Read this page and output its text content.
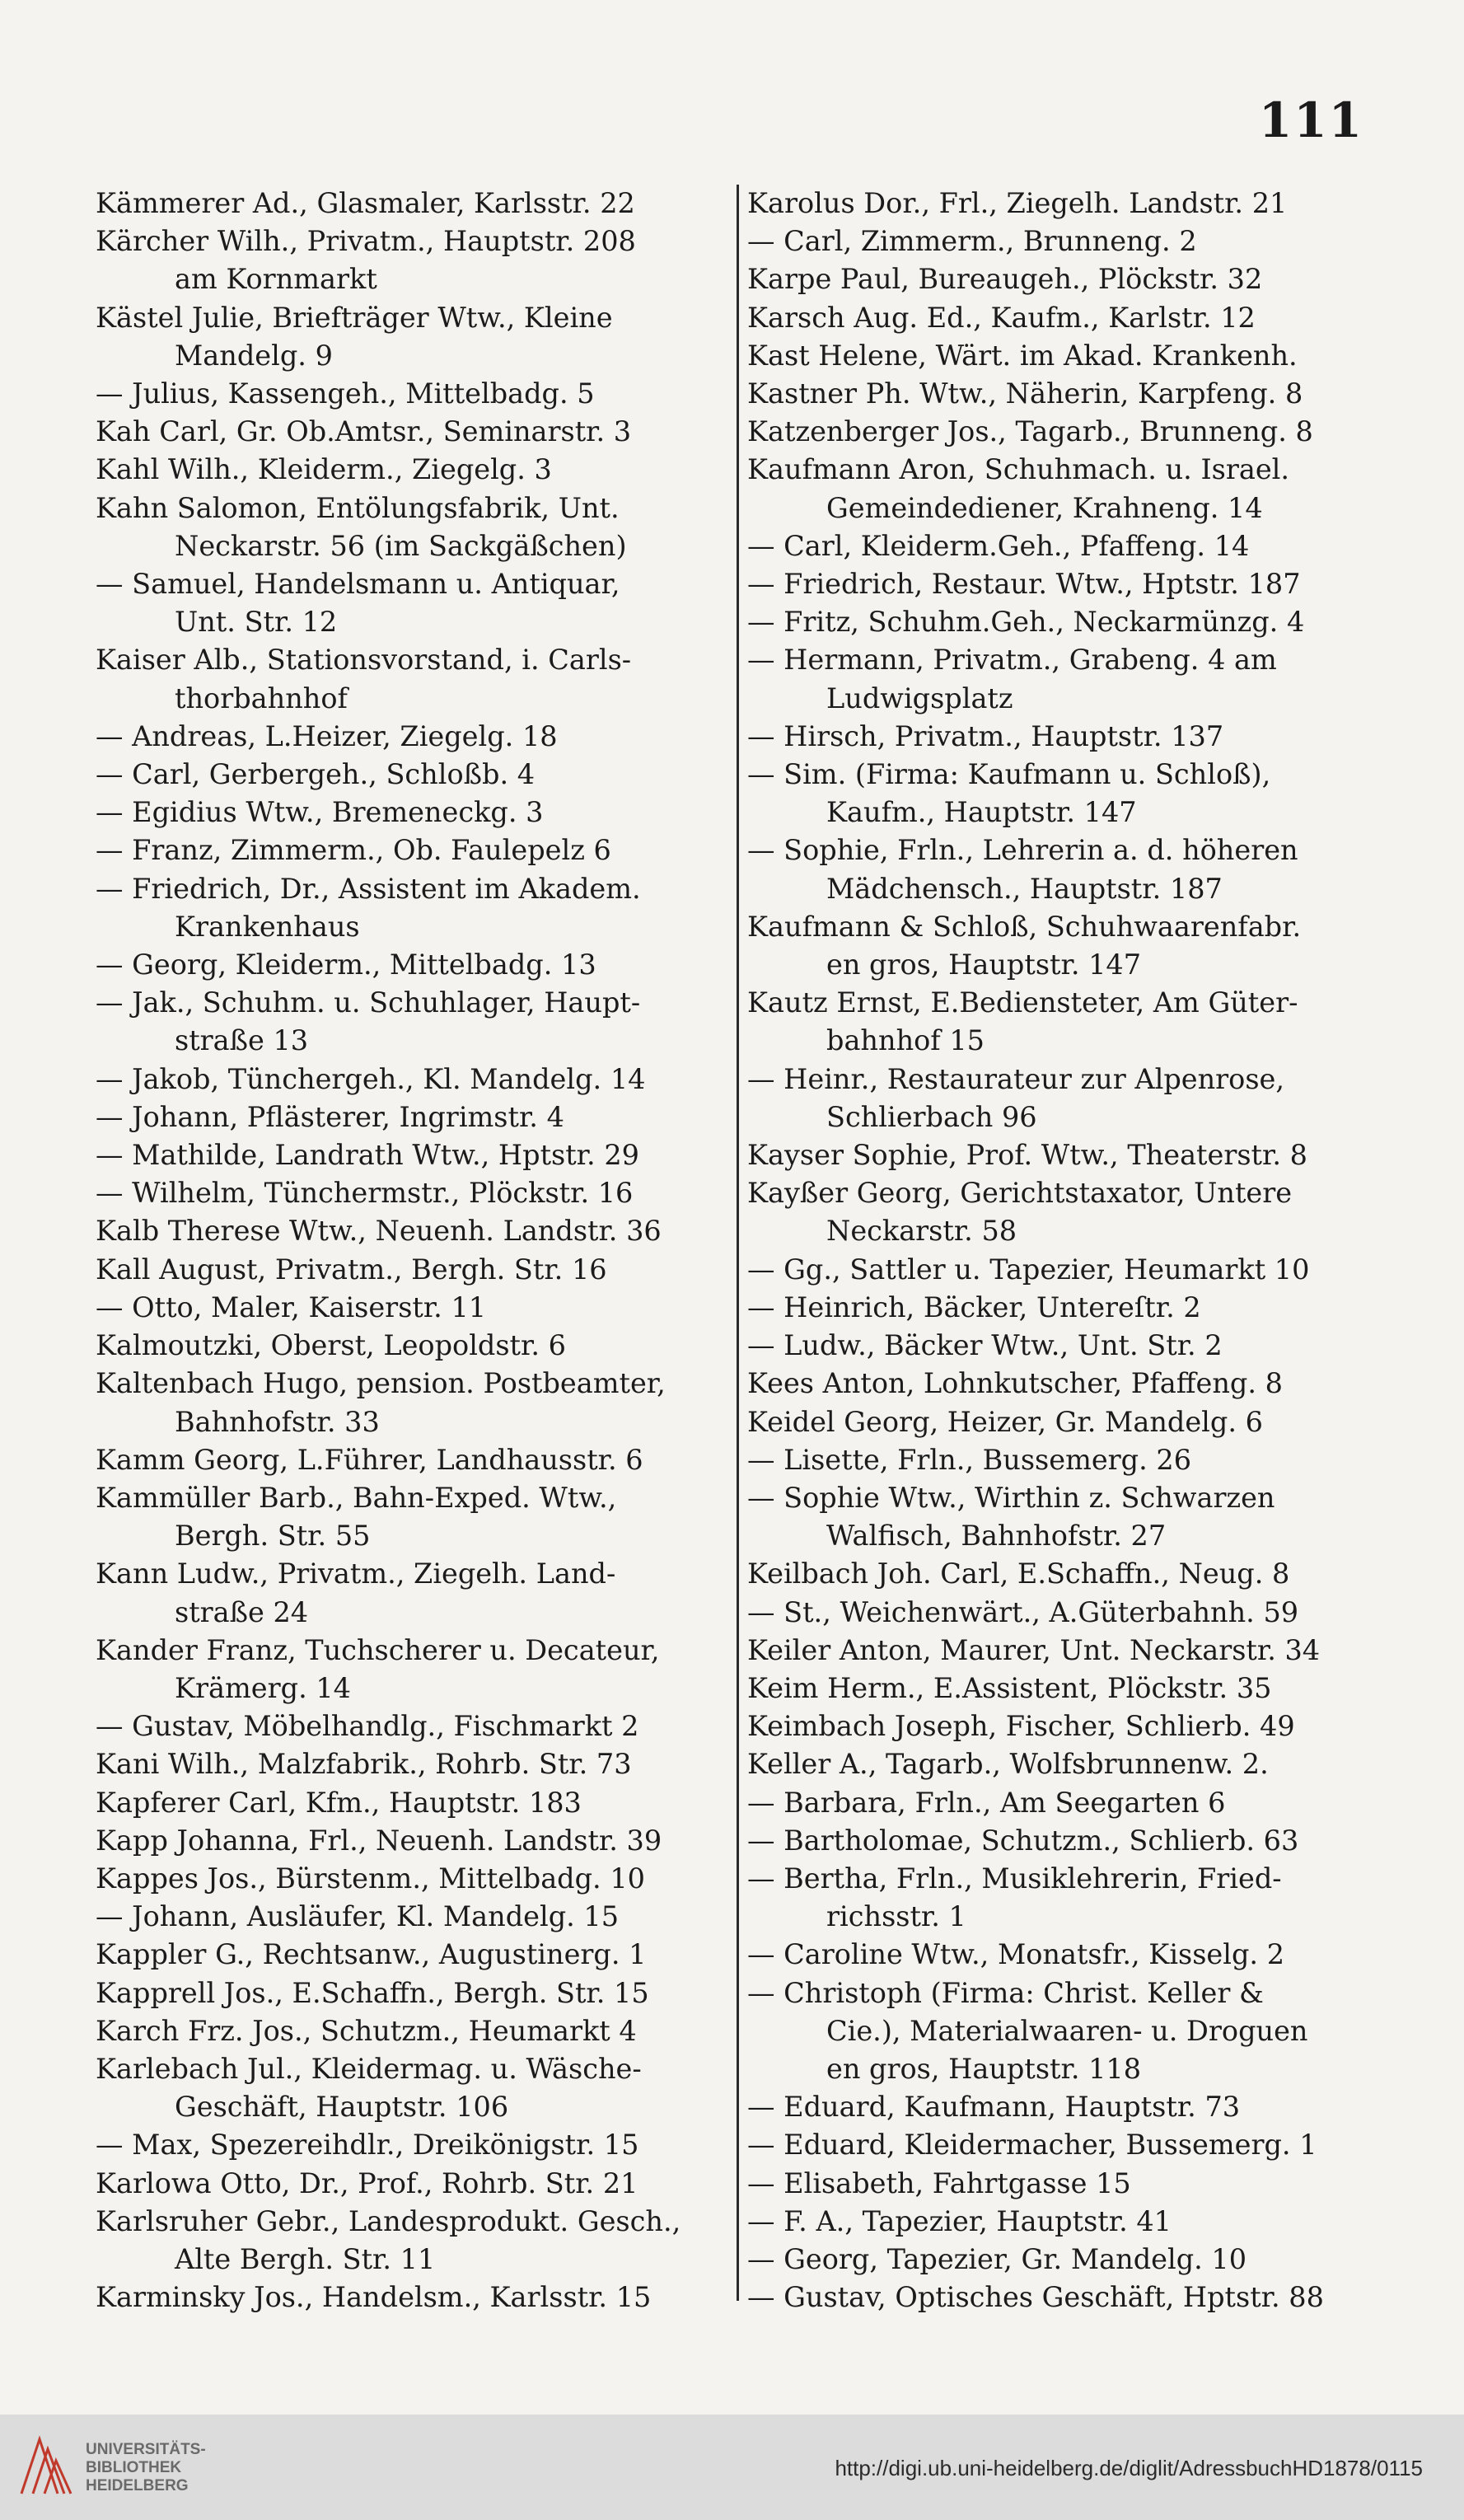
111
Kämmerer Ad., Glasmaler, Karlsstr. 22
Kärcher Wilh., Privatm., Hauptstr. 208
am Kornmarkt
Kästel Julie, Briefträger Wtw., Kleine
Mandelg. 9
— Julius, Kassengeh., Mittelbadg. 5
Kah Carl, Gr. Ob.Amtsr., Seminarstr. 3
Kahl Wilh., Kleiderm., Ziegelg. 3
Kahn Salomon, Entölungsfabrik, Unt.
Neckarstr. 56 (im Sackgäßchen)
— Samuel, Handelsmann u. Antiquar,
Unt. Str. 12
Kaiser Alb., Stationsvorstand, i. Carls-
thorbahnhof
— Andreas, L.Heizer, Ziegelg. 18
— Carl, Gerbergeh., Schloßb. 4
— Egidius Wtw., Bremeneckg. 3
— Franz, Zimmerm., Ob. Faulepelz 6
— Friedrich, Dr., Assistent im Akadem.
Krankenhaus
— Georg, Kleiderm., Mittelbadg. 13
— Jak., Schuhm. u. Schuhlager, Haupt-
straße 13
— Jakob, Tünchergeh., Kl. Mandelg. 14
— Johann, Pflästerer, Ingrimstr. 4
— Mathilde, Landrath Wtw., Hptstr. 29
— Wilhelm, Tünchermstr., Plöckstr. 16
Kalb Therese Wtw., Neuenh. Landstr. 36
Kall August, Privatm., Bergh. Str. 16
— Otto, Maler, Kaiserstr. 11
Kalmoutzki, Oberst, Leopoldstr. 6
Kaltenbach Hugo, pension. Postbeamter,
Bahnhofstr. 33
Kamm Georg, L.Führer, Landhausstr. 6
Kammüller Barb., Bahn-Exped. Wtw.,
Bergh. Str. 55
Kann Ludw., Privatm., Ziegelh. Land-
straße 24
Kander Franz, Tuchscherer u. Decateur,
Krämerg. 14
— Gustav, Möbelhandlg., Fischmarkt 2
Kani Wilh., Malzfabrik., Rohrb. Str. 73
Kapferer Carl, Kfm., Hauptstr. 183
Kapp Johanna, Frl., Neuenh. Landstr. 39
Kappes Jos., Bürstenm., Mittelbadg. 10
— Johann, Ausläufer, Kl. Mandelg. 15
Kappler G., Rechtsanw., Augustinerg. 1
Kapprell Jos., E.Schaffn., Bergh. Str. 15
Karch Frz. Jos., Schutzm., Heumarkt 4
Karlebach Jul., Kleidermag. u. Wäsche-
Geschäft, Hauptstr. 106
— Max, Spezereihdlr., Dreikönigstr. 15
Karlowa Otto, Dr., Prof., Rohrb. Str. 21
Karlsruher Gebr., Landesprodukt. Gesch.,
Alte Bergh. Str. 11
Karminsky Jos., Handelsm., Karlsstr. 15
Karolus Dor., Frl., Ziegelh. Landstr. 21
— Carl, Zimmerm., Brunneng. 2
Karpe Paul, Bureaugeh., Plöckstr. 32
Karsch Aug. Ed., Kaufm., Karlstr. 12
Kast Helene, Wärt. im Akad. Krankenh.
Kastner Ph. Wtw., Näherin, Karpfeng. 8
Katzenberger Jos., Tagarb., Brunneng. 8
Kaufmann Aron, Schuhmach. u. Israel.
Gemeindediener, Krahneng. 14
— Carl, Kleiderm.Geh., Pfaffeng. 14
— Friedrich, Restaur. Wtw., Hptstr. 187
— Fritz, Schuhm.Geh., Neckarmünzg. 4
— Hermann, Privatm., Grabeng. 4 am
Ludwigsplatz
— Hirsch, Privatm., Hauptstr. 137
— Sim. (Firma: Kaufmann u. Schloß),
Kaufm., Hauptstr. 147
— Sophie, Frln., Lehrerin a. d. höheren
Mädchensch., Hauptstr. 187
Kaufmann & Schloß, Schuhwaarenfabr.
en gros, Hauptstr. 147
Kautz Ernst, E.Bediensteter, Am Güter-
bahnhof 15
— Heinr., Restaurateur zur Alpenrose,
Schlierbach 96
Kayser Sophie, Prof. Wtw., Theaterstr. 8
Kayßer Georg, Gerichtstaxator, Untere
Neckarstr. 58
— Gg., Sattler u. Tapezier, Heumarkt 10
— Heinrich, Bäcker, Untereſtr. 2
— Ludw., Bäcker Wtw., Unt. Str. 2
Kees Anton, Lohnkutscher, Pfaffeng. 8
Keidel Georg, Heizer, Gr. Mandelg. 6
— Lisette, Frln., Bussemerg. 26
— Sophie Wtw., Wirthin z. Schwarzen
Walfisch, Bahnhofstr. 27
Keilbach Joh. Carl, E.Schaffn., Neug. 8
— St., Weichenwärt., A.Güterbahnh. 59
Keiler Anton, Maurer, Unt. Neckarstr. 34
Keim Herm., E.Assistent, Plöckstr. 35
Keimbach Joseph, Fischer, Schlierb. 49
Keller A., Tagarb., Wolfsbrunnenw. 2.
— Barbara, Frln., Am Seegarten 6
— Bartholomae, Schutzm., Schlierb. 63
— Bertha, Frln., Musiklehrerin, Fried-
richsstr. 1
— Caroline Wtw., Monatsfr., Kisselg. 2
— Christoph (Firma: Christ. Keller &
Cie.), Materialwaaren- u. Droguen
en gros, Hauptstr. 118
— Eduard, Kaufmann, Hauptstr. 73
— Eduard, Kleidermacher, Bussemerg. 1
— Elisabeth, Fahrtgasse 15
— F. A., Tapezier, Hauptstr. 41
— Georg, Tapezier, Gr. Mandelg. 10
— Gustav, Optisches Geschäft, Hptstr. 88
UNIVERSITÄTS-
BIBLIOTHEK
HEIDELBERG
http://digi.ub.uni-heidelberg.de/diglit/AdressbuchHD1878/0115
